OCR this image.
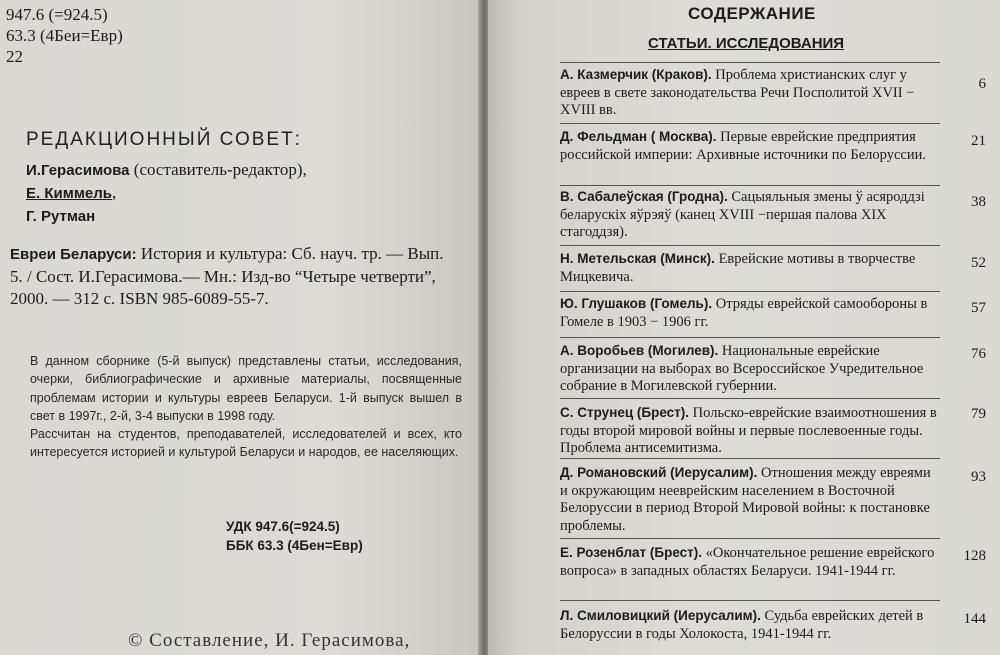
947.6 (=924.5)
63.3 (4Беи=Евр)
22
РЕДАКЦИОННЫЙ СОВЕТ:
И.Герасимова (составитель-редактор),
Е. Киммель,
Г. Рутман
Евреи Беларуси: История и культура: Сб. науч. тр. — Вып. 5. / Сост. И.Герасимова.— Мн.: Изд-во “Четыре четверти”, 2000. — 312 с. ISBN 985-6089-55-7.

В данном сборнике (5-й выпуск) представлены статьи, исследования, очерки, библиографические и архивные материалы, посвященные проблемам истории и культуры евреев Беларуси. 1-й выпуск вышел в свет в 1997г., 2-й, 3-4 выпуски в 1998 году.

Рассчитан на студентов, преподавателей, исследователей и всех, кто интересуется историей и культурой Беларуси и народов, ее населяющих.

УДК 947.6(=924.5)
ББК 63.3 (4Бен=Евр)
© Составление, И. Герасимова,
СОДЕРЖАНИЕ
СТАТЬИ. ИССЛЕДОВАНИЯ
А. Казмерчик (Краков). Проблема христианских слуг у евреев в свете законодательства Речи Посполитой XVII − XVIII вв.
6
Д. Фельдман ( Москва). Первые еврейские предприятия российской империи: Архивные источники по Белоруссии.
21
В. Сабалеўская (Гродна). Сацыяльныя змены ў асяроддзі беларускіх яўрэяў (канец XVIII −першая палова XIX стагоддзя).
38
Н. Метельская (Минск). Еврейские мотивы в творчестве Мицкевича.
52
Ю. Глушаков (Гомель). Отряды еврейской самообороны в Гомеле в 1903 − 1906 гг.
57
А. Воробьев (Могилев). Национальные еврейские организации на выборах во Всероссийское Учредительное собрание в Могилевской губернии.
76
С. Струнец (Брест). Польско-еврейские взаимоотношения в годы второй мировой войны и первые послевоенные годы. Проблема антисемитизма.
79
Д. Романовский (Иерусалим). Отношения между евреями и окружающим нееврейским населением в Восточной Белоруссии в период Второй Мировой войны: к постановке проблемы.
93
Е. Розенблат (Брест). «Окончательное решение еврейского вопроса» в западных областях Беларуси. 1941-1944 гг.
128
Л. Смиловицкий (Иерусалим). Судьба еврейских детей в Белоруссии в годы Холокоста, 1941-1944 гг.
144
